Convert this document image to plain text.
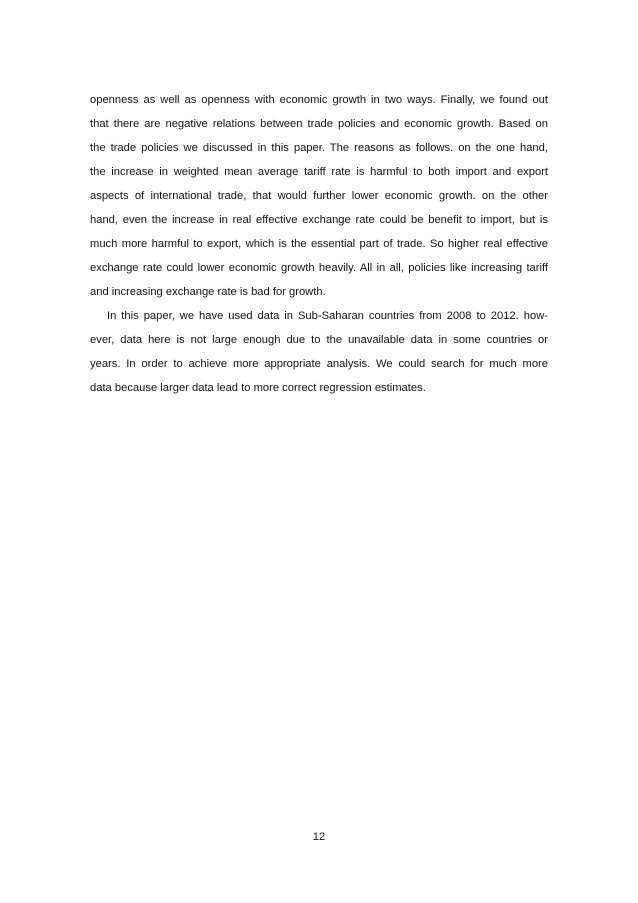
openness as well as openness with economic growth in two ways. Finally, we found out
that there are negative relations between trade policies and economic growth. Based on
the trade policies we discussed in this paper. The reasons as follows. on the one hand,
the increase in weighted mean average tariff rate is harmful to both import and export
aspects of international trade, that would further lower economic growth. on the other
hand, even the increase in real effective exchange rate could be benefit to import, but is
much more harmful to export, which is the essential part of trade. So higher real effective
exchange rate could lower economic growth heavily. All in all, policies like increasing tariff
and increasing exchange rate is bad for growth.
In this paper, we have used data in Sub-Saharan countries from 2008 to 2012. how-
ever, data here is not large enough due to the unavailable data in some countries or
years. In order to achieve more appropriate analysis. We could search for much more
data because larger data lead to more correct regression estimates.
12
